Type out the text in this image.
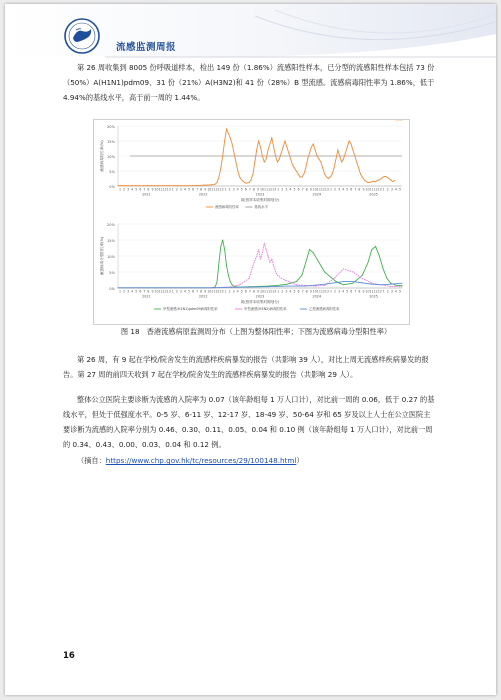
流感监测周报
第 26 周收集到 8005 份呼吸道样本，检出 149 份（1.86%）流感阳性样本，已分型的流感阳性样本包括 73 份（50%）A(H1N1)pdm09、31 份（21%）A(H3N2)和 41 份（28%）B 型流感。流感病毒阳性率为 1.86%，低于 4.94%的基线水平，高于前一周的 1.44%。
0%
5%
10%
15%
20%
流感病毒阳性率(%)
1 2 3 4 5 6 7 8 9 10 11 12 13 1 2 3 4 5 6 7 8 9 10 11 12 13 1 2 3 4 5 6 7 8 9 10 11 12 13 1 2 3 4 5 6 7 8 9 10 11 12 13 1 2 3 4 5 6 7 8 9 10 11 12 13 1 2 3 4 5
2021	2022	2023	2024	2025
周(按样本收集时期划分)
流感病毒阳性率	基线水平
0%
5%
10%
15%
20%
流感病毒分型阳性率(%)
1 2 3 4 5 6 7 8 9 10 11 12 13 1 2 3 4 5 6 7 8 9 10 11 12 13 1 2 3 4 5 6 7 8 9 10 11 12 13 1 2 3 4 5 6 7 8 9 10 11 12 13 1 2 3 4 5 6 7 8 9 10 11 12 13 1 2 3 4 5
2021	2022	2023	2024	2025
周(按样本收集时期划分)
甲型流感(H1N1)pdm09病毒阳性率	甲型流感(H3N2)病毒阳性率	乙型流感病毒阳性率
图 18　香港流感病原监测周分布（上图为整体阳性率；下图为流感病毒分型阳性率）
第 26 周，有 9 起在学校/院舍发生的流感样疾病暴发的报告（共影响 39 人），对比上周无流感样疾病暴发的报告。第 27 周的前四天收到 7 起在学校/院舍发生的流感样疾病暴发的报告（共影响 29 人）。
整体公立医院主要诊断为流感的入院率为 0.07（该年龄组每 1 万人口计），对比前一周的 0.06，低于 0.27 的基线水平，但处于低强度水平。0-5 岁、6-11 岁、12-17 岁、18-49 岁、50-64 岁和 65 岁及以上人士在公立医院主要诊断为流感的入院率分别为 0.46、0.30、0.11、0.05、0.04 和 0.10 例（该年龄组每 1 万人口计），对比前一周的 0.34、0.43、0.00、0.03、0.04 和 0.12 例。
（摘自：https://www.chp.gov.hk/tc/resources/29/100148.html）
16
